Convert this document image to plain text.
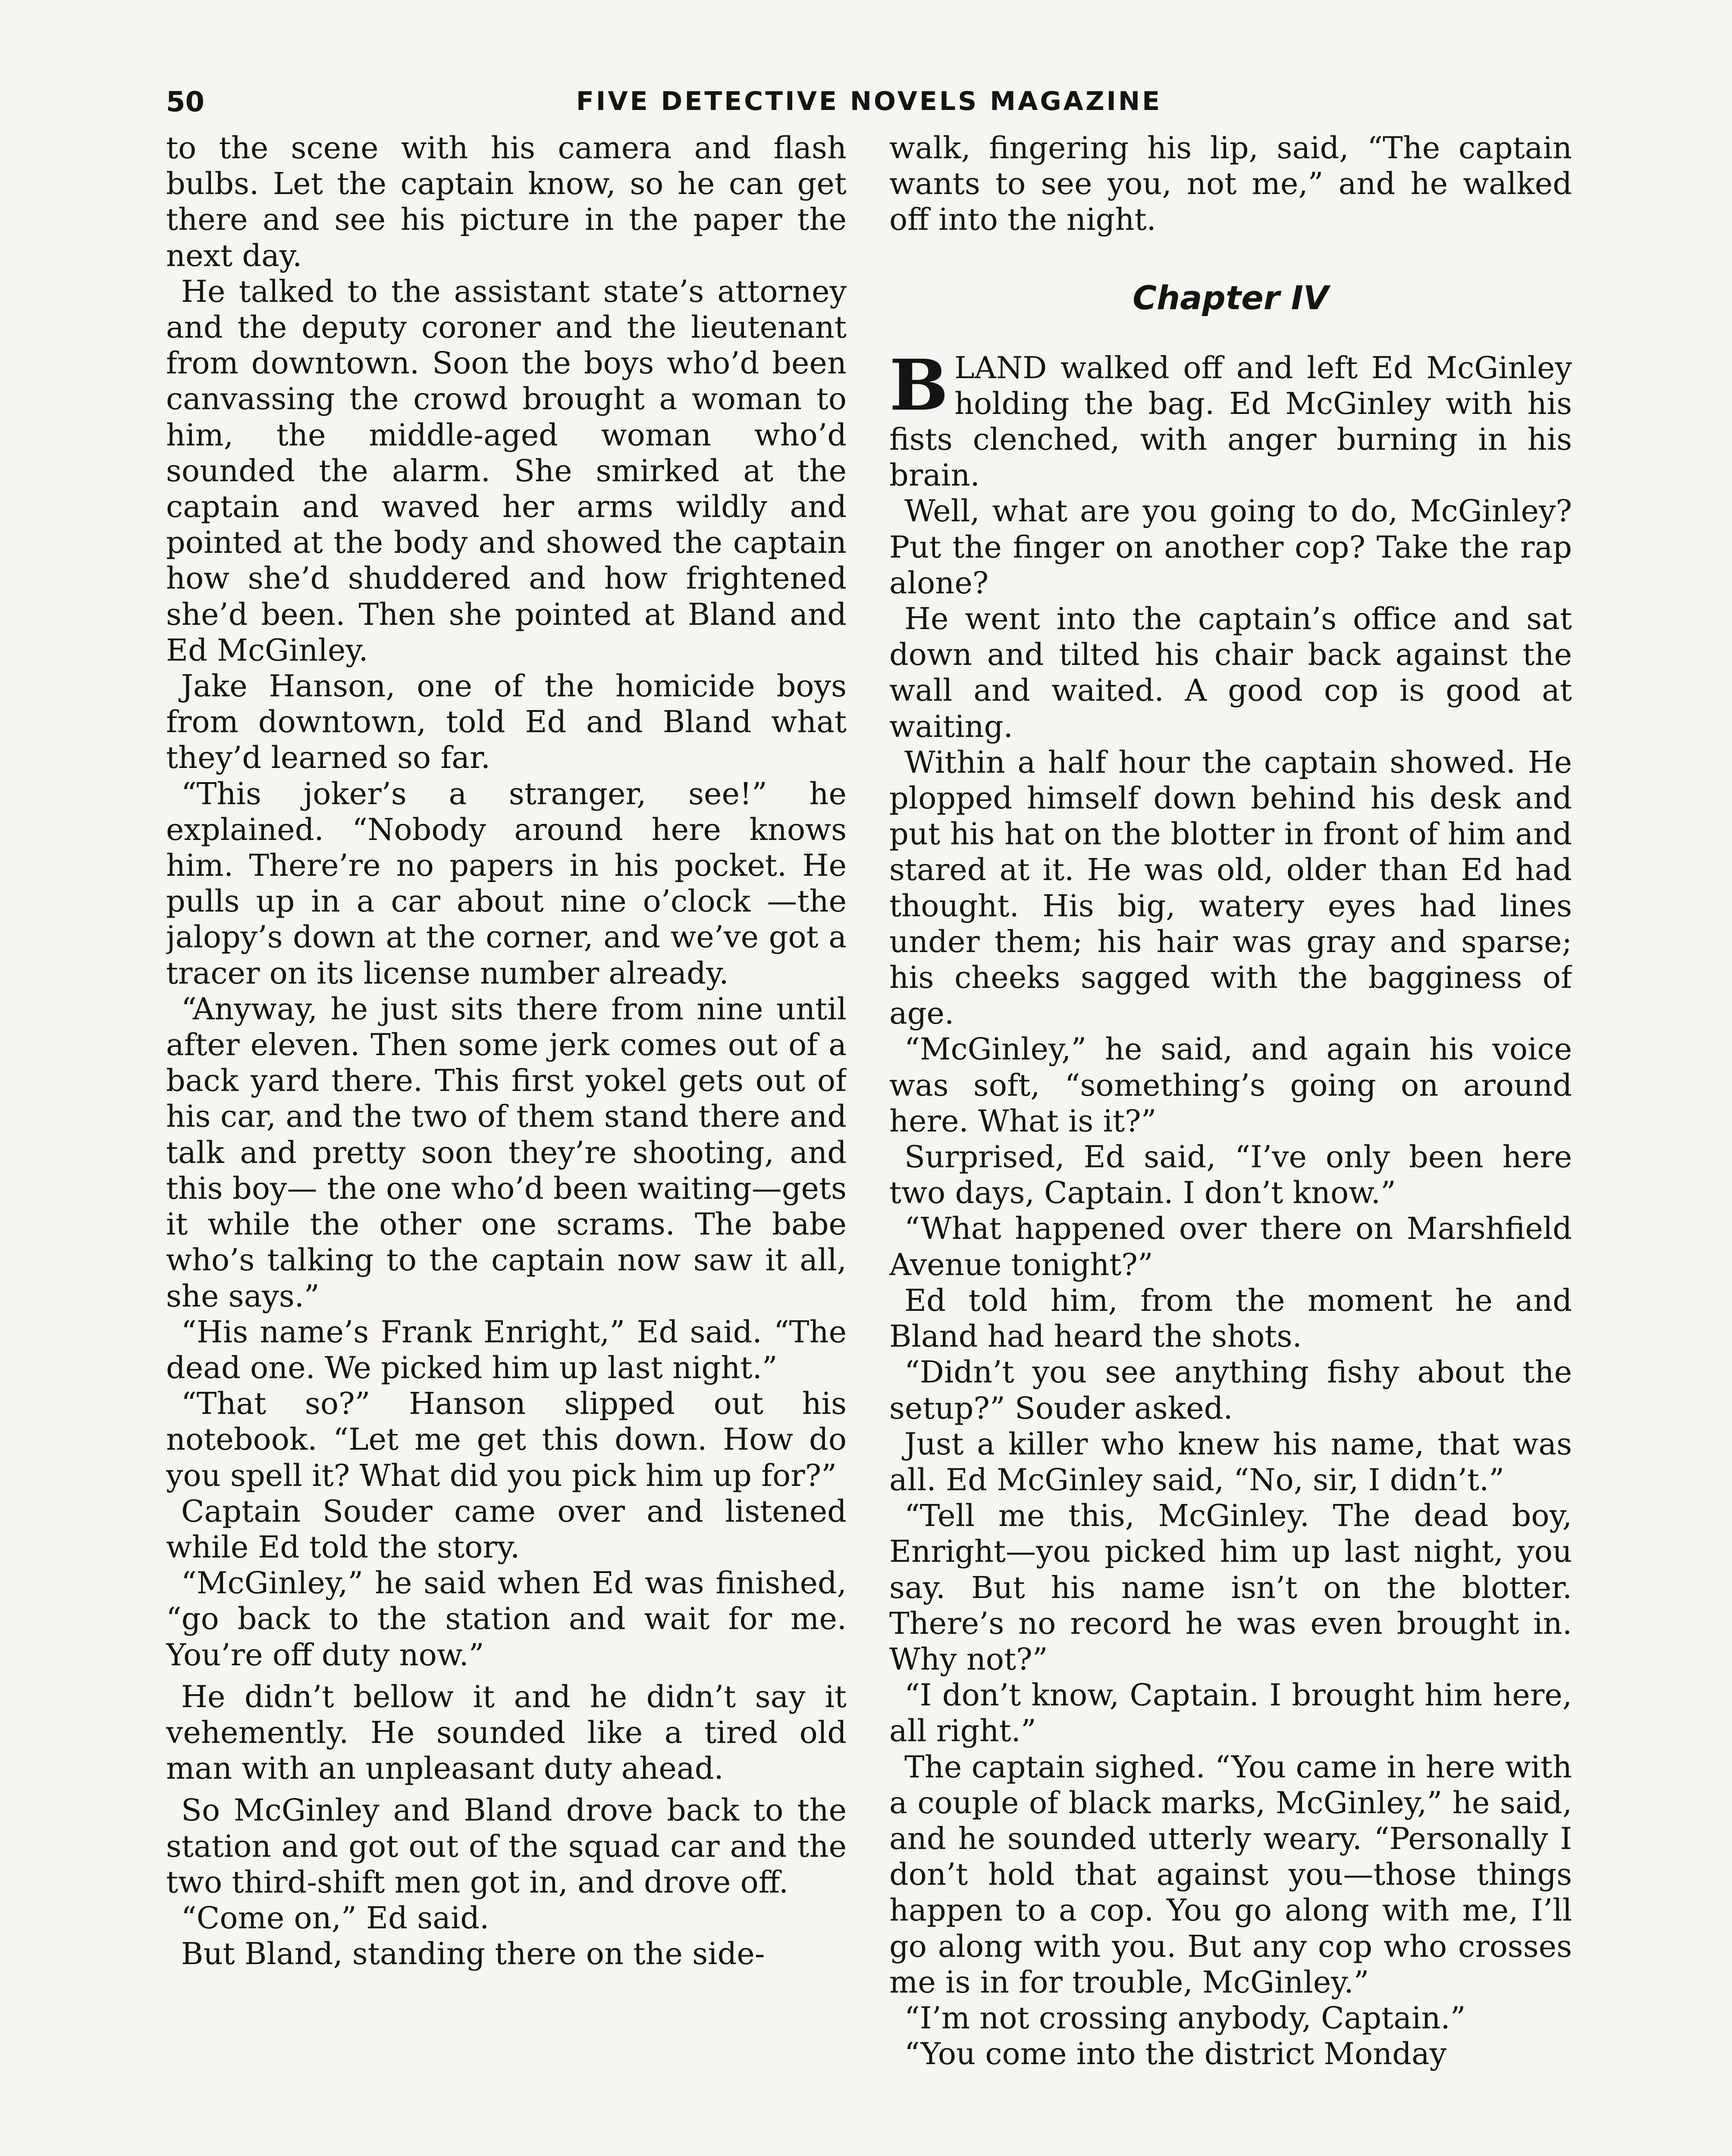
50	FIVE DETECTIVE NOVELS MAGAZINE

to the scene with his camera and flash bulbs. Let the captain know, so he can get there and see his picture in the paper the next day.

He talked to the assistant state’s attorney and the deputy coroner and the lieutenant from downtown. Soon the boys who’d been canvassing the crowd brought a woman to him, the middle-aged woman who’d sounded the alarm. She smirked at the captain and waved her arms wildly and pointed at the body and showed the captain how she’d shuddered and how frightened she’d been. Then she pointed at Bland and Ed McGinley.

Jake Hanson, one of the homicide boys from downtown, told Ed and Bland what they’d learned so far.

“This joker’s a stranger, see!” he explained. “Nobody around here knows him. There’re no papers in his pocket. He pulls up in a car about nine o’clock —the jalopy’s down at the corner, and we’ve got a tracer on its license number already.

“Anyway, he just sits there from nine until after eleven. Then some jerk comes out of a back yard there. This first yokel gets out of his car, and the two of them stand there and talk and pretty soon they’re shooting, and this boy— the one who’d been waiting—gets it while the other one scrams. The babe who’s talking to the captain now saw it all, she says.”

“His name’s Frank Enright,” Ed said. “The dead one. We picked him up last night.”

“That so?” Hanson slipped out his notebook. “Let me get this down. How do you spell it? What did you pick him up for?”

Captain Souder came over and listened while Ed told the story.

“McGinley,” he said when Ed was finished, “go back to the station and wait for me. You’re off duty now.”

He didn’t bellow it and he didn’t say it vehemently. He sounded like a tired old man with an unpleasant duty ahead.

So McGinley and Bland drove back to the station and got out of the squad car and the two third-shift men got in, and drove off.

“Come on,” Ed said.

But Bland, standing there on the side-

walk, fingering his lip, said, “The captain wants to see you, not me,” and he walked off into the night.

Chapter IV

BLAND walked off and left Ed McGinley holding the bag. Ed McGinley with his fists clenched, with anger burning in his brain.

Well, what are you going to do, McGinley? Put the finger on another cop? Take the rap alone?

He went into the captain’s office and sat down and tilted his chair back against the wall and waited. A good cop is good at waiting.

Within a half hour the captain showed. He plopped himself down behind his desk and put his hat on the blotter in front of him and stared at it. He was old, older than Ed had thought. His big, watery eyes had lines under them; his hair was gray and sparse; his cheeks sagged with the bagginess of age.

“McGinley,” he said, and again his voice was soft, “something’s going on around here. What is it?”

Surprised, Ed said, “I’ve only been here two days, Captain. I don’t know.”

“What happened over there on Marshfield Avenue tonight?”

Ed told him, from the moment he and Bland had heard the shots.

“Didn’t you see anything fishy about the setup?” Souder asked.

Just a killer who knew his name, that was all. Ed McGinley said, “No, sir, I didn’t.”

“Tell me this, McGinley. The dead boy, Enright—you picked him up last night, you say. But his name isn’t on the blotter. There’s no record he was even brought in. Why not?”

“I don’t know, Captain. I brought him here, all right.”

The captain sighed. “You came in here with a couple of black marks, McGinley,” he said, and he sounded utterly weary. “Personally I don’t hold that against you—those things happen to a cop. You go along with me, I’ll go along with you. But any cop who crosses me is in for trouble, McGinley.”

“I’m not crossing anybody, Captain.”

“You come into the district Monday
